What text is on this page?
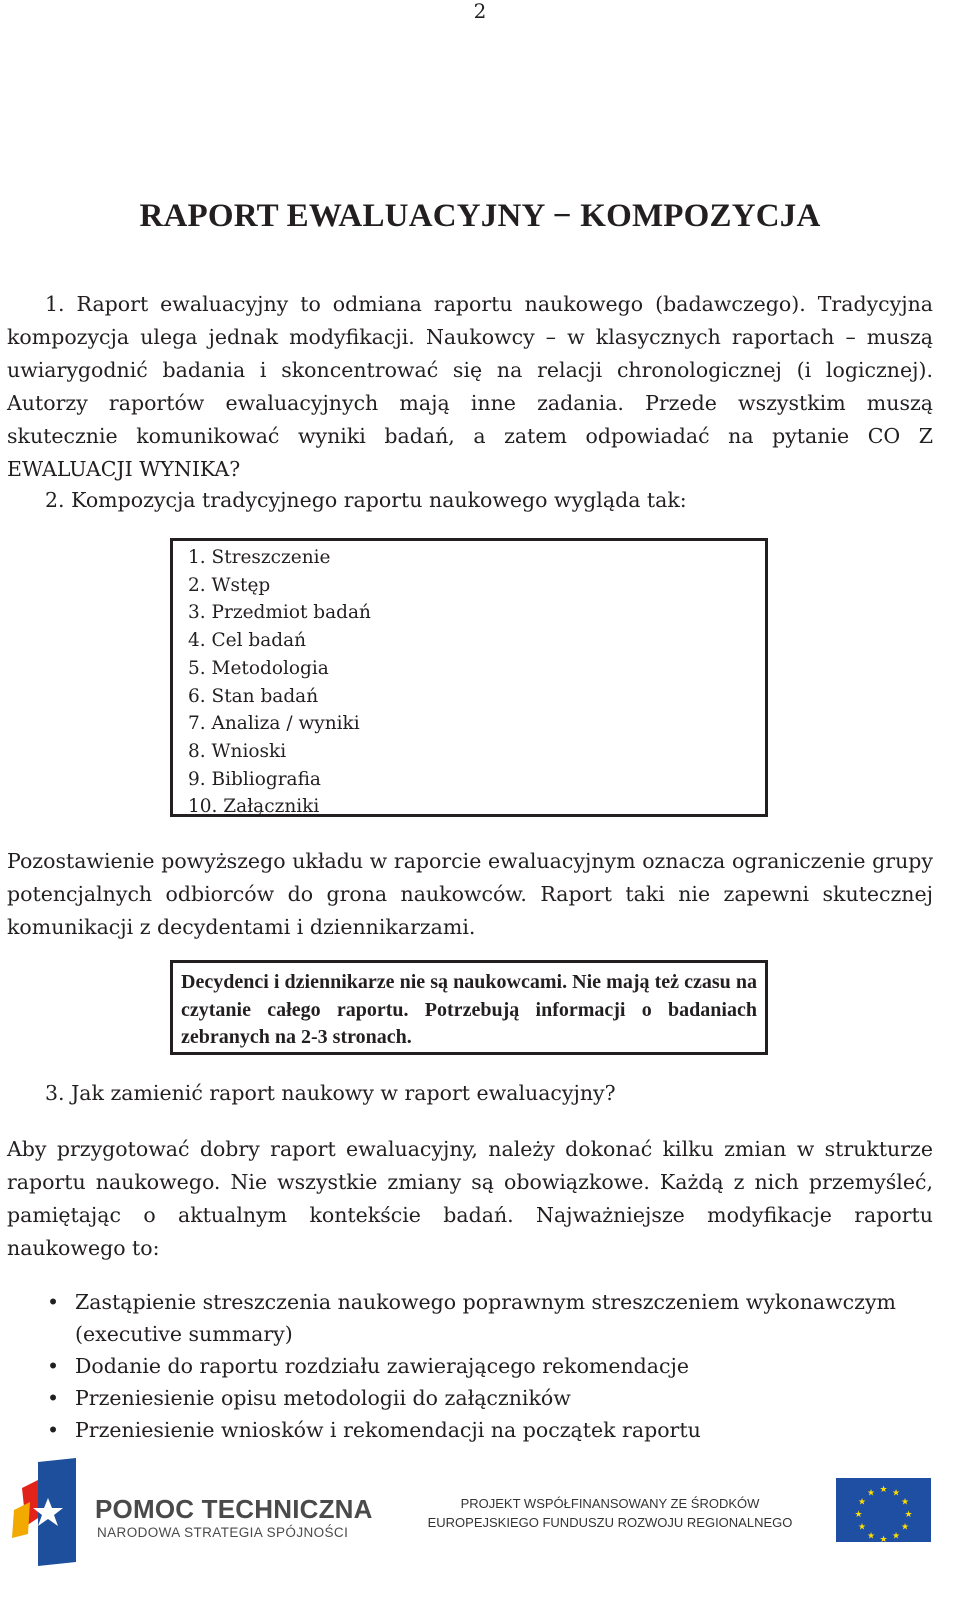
2
RAPORT EWALUACYJNY − KOMPOZYCJA
1. Raport ewaluacyjny to odmiana raportu naukowego (badawczego). Tradycyjna kompozycja ulega jednak modyfikacji. Naukowcy – w klasycznych raportach – muszą uwiarygodnić badania i skoncentrować się na relacji chronologicznej (i logicznej). Autorzy raportów ewaluacyjnych mają inne zadania. Przede wszystkim muszą skutecznie komunikować wyniki badań, a zatem odpowiadać na pytanie CO Z EWALUACJI WYNIKA?
2. Kompozycja tradycyjnego raportu naukowego wygląda tak:
1. Streszczenie
2. Wstęp
3. Przedmiot badań
4. Cel badań
5. Metodologia
6. Stan badań
7. Analiza / wyniki
8. Wnioski
9. Bibliografia
10. Załączniki
Pozostawienie powyższego układu w raporcie ewaluacyjnym oznacza ograniczenie grupy potencjalnych odbiorców do grona naukowców. Raport taki nie zapewni skutecznej komunikacji z decydentami i dziennikarzami.
Decydenci i dziennikarze nie są naukowcami. Nie mają też czasu na czytanie całego raportu. Potrzebują informacji o badaniach zebranych na 2-3 stronach.
3. Jak zamienić raport naukowy w raport ewaluacyjny?
Aby przygotować dobry raport ewaluacyjny, należy dokonać kilku zmian w strukturze raportu naukowego. Nie wszystkie zmiany są obowiązkowe. Każdą z nich przemyśleć, pamiętając o aktualnym kontekście badań. Najważniejsze modyfikacje raportu naukowego to:
• Zastąpienie streszczenia naukowego poprawnym streszczeniem wykonawczym (executive summary)
• Dodanie do raportu rozdziału zawierającego rekomendacje
• Przeniesienie opisu metodologii do załączników
• Przeniesienie wniosków i rekomendacji na początek raportu
POMOC TECHNICZNA
NARODOWA STRATEGIA SPÓJNOŚCI
PROJEKT WSPÓŁFINANSOWANY ZE ŚRODKÓW
EUROPEJSKIEGO FUNDUSZU ROZWOJU REGIONALNEGO
★ ★
★
★
★
★
★
★
★
★
★
★
